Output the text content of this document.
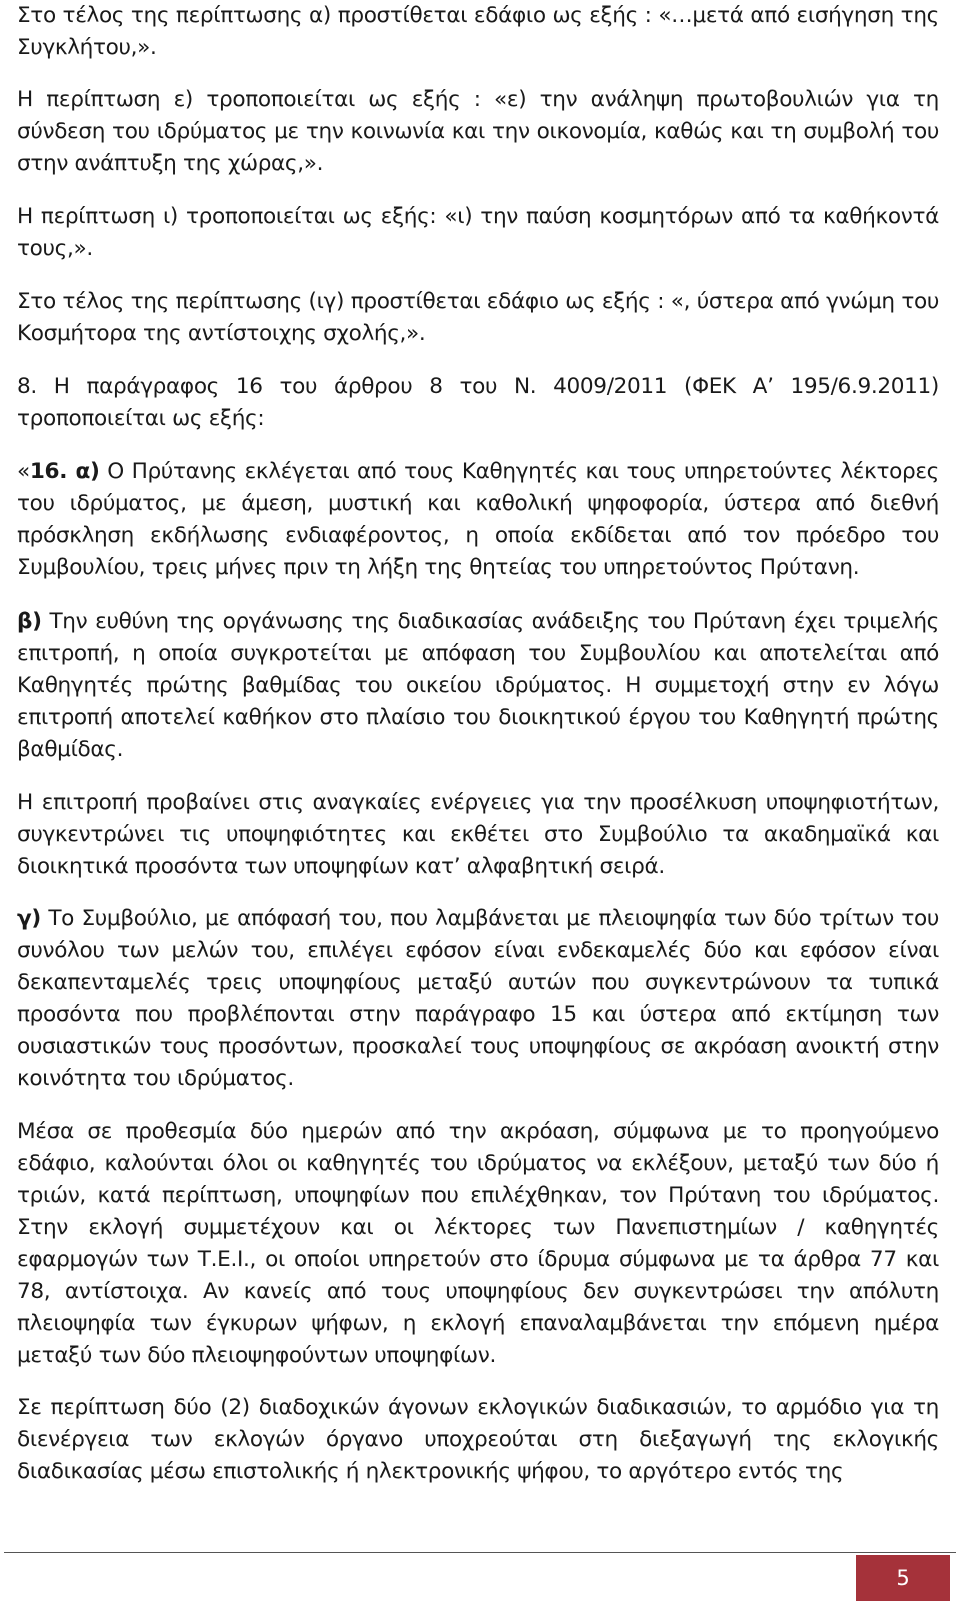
Στο τέλος της περίπτωσης α) προστίθεται εδάφιο ως εξής : «…μετά από εισήγηση της Συγκλήτου,».

Η περίπτωση ε) τροποποιείται ως εξής : «ε) την ανάληψη πρωτοβουλιών για τη σύνδεση του ιδρύματος με την κοινωνία και την οικονομία, καθώς και τη συμβολή του στην ανάπτυξη της χώρας,».

Η περίπτωση ι) τροποποιείται ως εξής: «ι) την παύση κοσμητόρων από τα καθήκοντά τους,».

Στο τέλος της περίπτωσης (ιγ) προστίθεται εδάφιο ως εξής : «, ύστερα από γνώμη του Κοσμήτορα της αντίστοιχης σχολής,».

8. Η παράγραφος 16 του άρθρου 8 του Ν. 4009/2011 (ΦΕΚ Α’ 195/6.9.2011) τροποποιείται ως εξής:

«16. α) Ο Πρύτανης εκλέγεται από τους Καθηγητές και τους υπηρετούντες λέκτορες του ιδρύματος, με άμεση, μυστική και καθολική ψηφοφορία, ύστερα από διεθνή πρόσκληση εκδήλωσης ενδιαφέροντος, η οποία εκδίδεται από τον πρόεδρο του Συμβουλίου, τρεις μήνες πριν τη λήξη της θητείας του υπηρετούντος Πρύτανη.

β) Την ευθύνη της οργάνωσης της διαδικασίας ανάδειξης του Πρύτανη έχει τριμελής επιτροπή, η οποία συγκροτείται με απόφαση του Συμβουλίου και αποτελείται από Καθηγητές πρώτης βαθμίδας του οικείου ιδρύματος. Η συμμετοχή στην εν λόγω επιτροπή αποτελεί καθήκον στο πλαίσιο του διοικητικού έργου του Καθηγητή πρώτης βαθμίδας.

Η επιτροπή προβαίνει στις αναγκαίες ενέργειες για την προσέλκυση υποψηφιοτήτων, συγκεντρώνει τις υποψηφιότητες και εκθέτει στο Συμβούλιο τα ακαδημαϊκά και διοικητικά προσόντα των υποψηφίων κατ’ αλφαβητική σειρά.

γ) Το Συμβούλιο, με απόφασή του, που λαμβάνεται με πλειοψηφία των δύο τρίτων του συνόλου των μελών του, επιλέγει εφόσον είναι ενδεκαμελές δύο και εφόσον είναι δεκαπενταμελές τρεις υποψηφίους μεταξύ αυτών που συγκεντρώνουν τα τυπικά προσόντα που προβλέπονται στην παράγραφο 15 και ύστερα από εκτίμηση των ουσιαστικών τους προσόντων, προσκαλεί τους υποψηφίους σε ακρόαση ανοικτή στην κοινότητα του ιδρύματος.

Μέσα σε προθεσμία δύο ημερών από την ακρόαση, σύμφωνα με το προηγούμενο εδάφιο, καλούνται όλοι οι καθηγητές του ιδρύματος να εκλέξουν, μεταξύ των δύο ή τριών, κατά περίπτωση, υποψηφίων που επιλέχθηκαν, τον Πρύτανη του ιδρύματος. Στην εκλογή συμμετέχουν και οι λέκτορες των Πανεπιστημίων / καθηγητές εφαρμογών των Τ.Ε.Ι., οι οποίοι υπηρετούν στο ίδρυμα σύμφωνα με τα άρθρα 77 και 78, αντίστοιχα. Αν κανείς από τους υποψηφίους δεν συγκεντρώσει την απόλυτη πλειοψηφία των έγκυρων ψήφων, η εκλογή επαναλαμβάνεται την επόμενη ημέρα μεταξύ των δύο πλειοψηφούντων υποψηφίων.

Σε περίπτωση δύο (2) διαδοχικών άγονων εκλογικών διαδικασιών, το αρμόδιο για τη διενέργεια των εκλογών όργανο υποχρεούται στη διεξαγωγή της εκλογικής διαδικασίας μέσω επιστολικής ή ηλεκτρονικής ψήφου, το αργότερο εντός της

5
